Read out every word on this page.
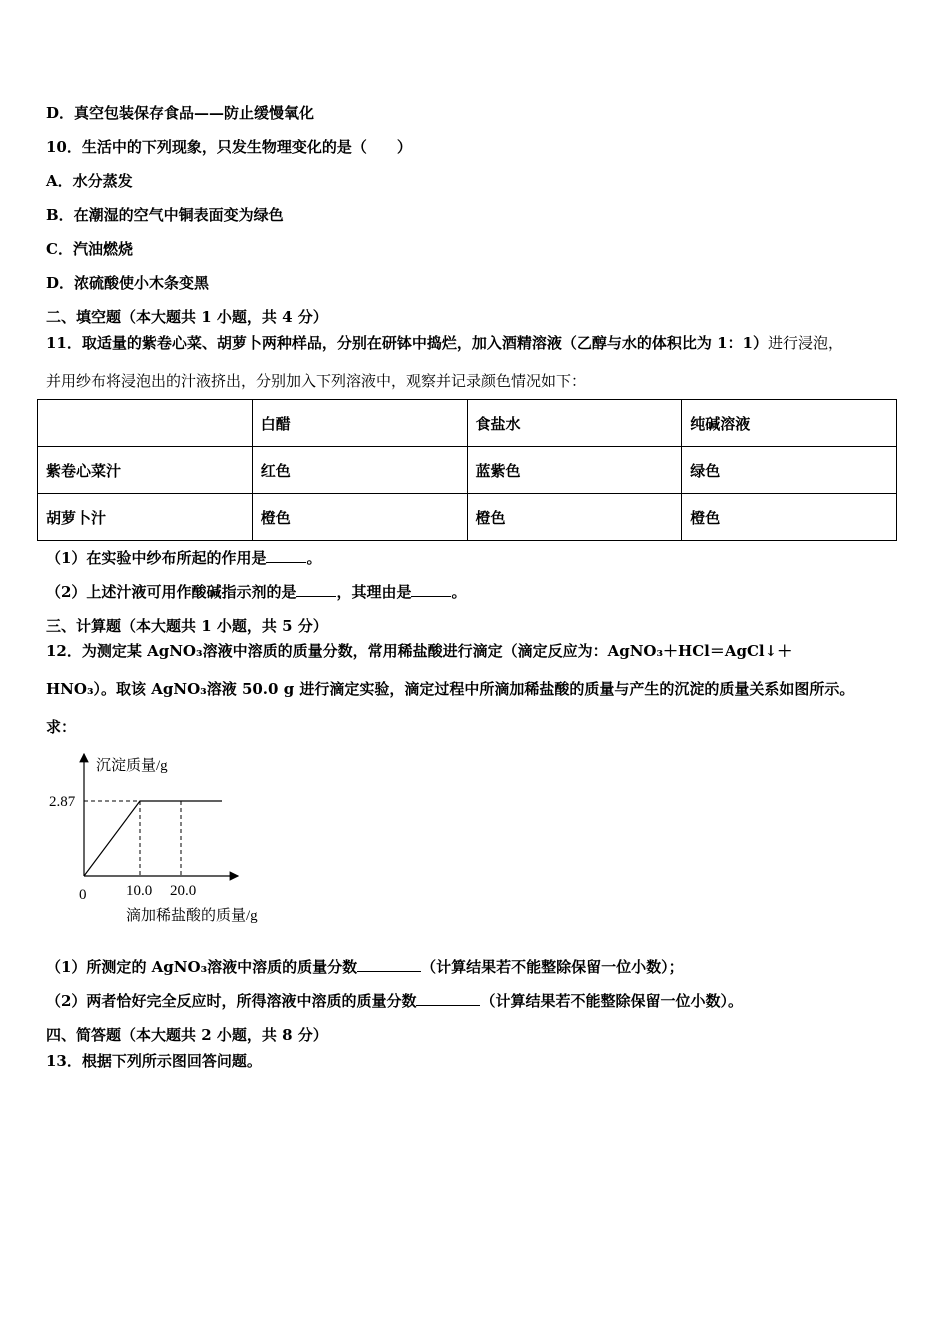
D．真空包装保存食品——防止缓慢氧化
10．生活中的下列现象，只发生物理变化的是（　　）
A．水分蒸发
B．在潮湿的空气中铜表面变为绿色
C．汽油燃烧
D．浓硫酸使小木条变黑
二、填空题（本大题共 1 小题，共 4 分）
11．取适量的紫卷心菜、胡萝卜两种样品，分别在研钵中捣烂，加入酒精溶液（乙醇与水的体积比为 1：1）进行浸泡，
并用纱布将浸泡出的汁液挤出，分别加入下列溶液中，观察并记录颜色情况如下：
	白醋	食盐水	纯碱溶液
紫卷心菜汁	红色	蓝紫色	绿色
胡萝卜汁	橙色	橙色	橙色
（1）在实验中纱布所起的作用是	。
（2）上述汁液可用作酸碱指示剂的是	，其理由是	。
三、计算题（本大题共 1 小题，共 5 分）
12．为测定某 AgNO₃溶液中溶质的质量分数，常用稀盐酸进行滴定（滴定反应为：AgNO₃＋HCl＝AgCl↓＋
HNO₃）。取该 AgNO₃溶液 50.0 g 进行滴定实验，滴定过程中所滴加稀盐酸的质量与产生的沉淀的质量关系如图所示。
求：
沉淀质量/g
2.87
0	10.0 20.0
滴加稀盐酸的质量/g
（1）所测定的 AgNO₃溶液中溶质的质量分数	（计算结果若不能整除保留一位小数）；
（2）两者恰好完全反应时，所得溶液中溶质的质量分数	（计算结果若不能整除保留一位小数）。
四、简答题（本大题共 2 小题，共 8 分）
13．根据下列所示图回答问题。
